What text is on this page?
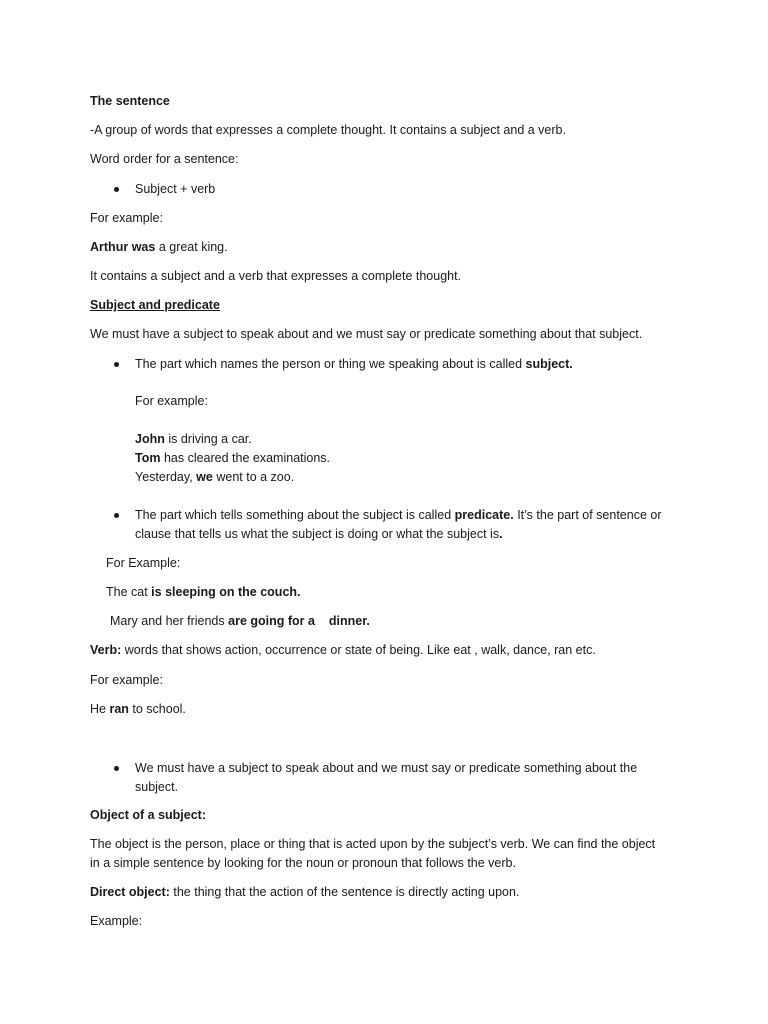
The sentence
-A group of words that expresses a complete thought. It contains a subject and a verb.
Word order for a sentence:
Subject + verb
For example:
Arthur was a great king.
It contains a subject and a verb that expresses a complete thought.
Subject and predicate
We must have a subject to speak about and we must say or predicate something about that subject.
The part which names the person or thing we speaking about is called subject.
For example:
John is driving a car.
Tom has cleared the examinations.
Yesterday, we went to a zoo.
The part which tells something about the subject is called predicate. It’s the part of sentence or
clause that tells us what the subject is doing or what the subject is.
For Example:
The cat is sleeping on the couch.
Mary and her friends are going for a dinner.
Verb: words that shows action, occurrence or state of being. Like eat , walk, dance, ran etc.
For example:
He ran to school.
We must have a subject to speak about and we must say or predicate something about the
subject.
Object of a subject:
The object is the person, place or thing that is acted upon by the subject’s verb. We can find the object
in a simple sentence by looking for the noun or pronoun that follows the verb.
Direct object: the thing that the action of the sentence is directly acting upon.
Example:
